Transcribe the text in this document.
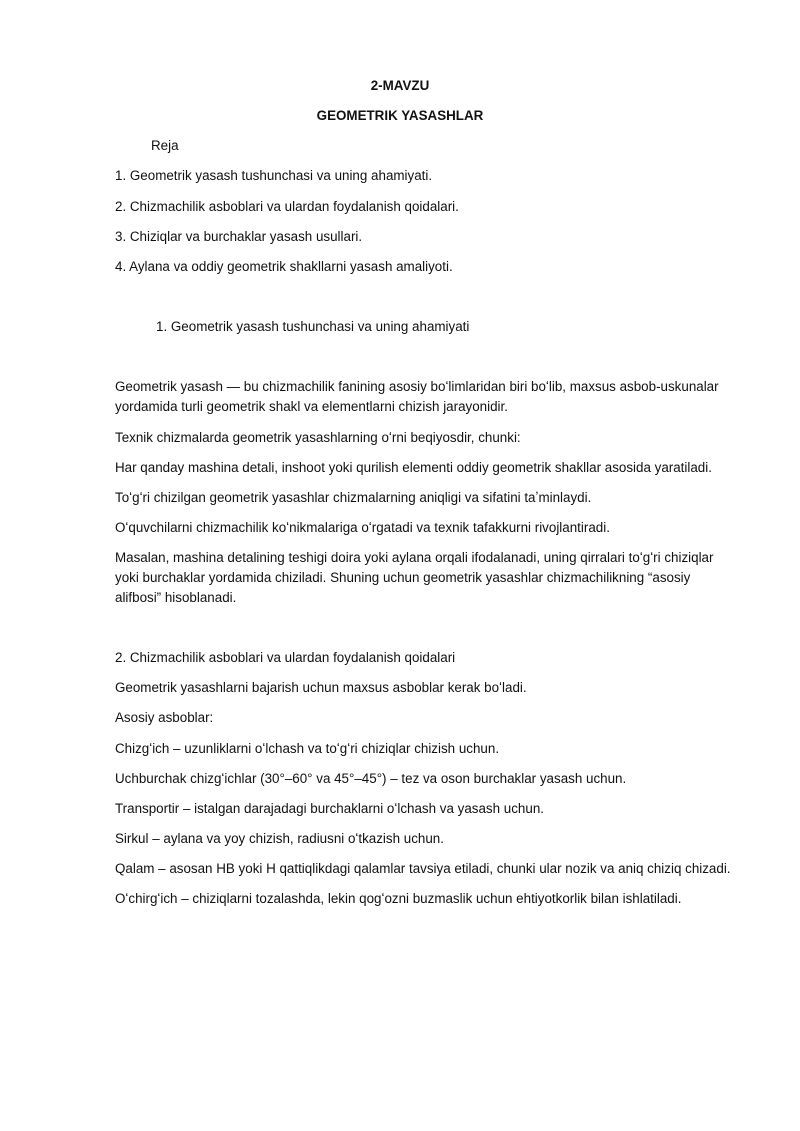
2-MAVZU

GEOMETRIK YASASHLAR

Reja

1. Geometrik yasash tushunchasi va uning ahamiyati.

2. Chizmachilik asboblari va ulardan foydalanish qoidalari.

3. Chiziqlar va burchaklar yasash usullari.

4. Aylana va oddiy geometrik shakllarni yasash amaliyoti.

1. Geometrik yasash tushunchasi va uning ahamiyati

Geometrik yasash — bu chizmachilik fanining asosiy boʻlimlaridan biri boʻlib, maxsus asbob-uskunalar yordamida turli geometrik shakl va elementlarni chizish jarayonidir.

Texnik chizmalarda geometrik yasashlarning oʻrni beqiyosdir, chunki:

Har qanday mashina detali, inshoot yoki qurilish elementi oddiy geometrik shakllar asosida yaratiladi.

Toʻgʻri chizilgan geometrik yasashlar chizmalarning aniqligi va sifatini taʼminlaydi.

Oʻquvchilarni chizmachilik koʻnikmalariga oʻrgatadi va texnik tafakkurni rivojlantiradi.

Masalan, mashina detalining teshigi doira yoki aylana orqali ifodalanadi, uning qirralari toʻgʻri chiziqlar yoki burchaklar yordamida chiziladi. Shuning uchun geometrik yasashlar chizmachilikning “asosiy alifbosi” hisoblanadi.

2. Chizmachilik asboblari va ulardan foydalanish qoidalari

Geometrik yasashlarni bajarish uchun maxsus asboblar kerak boʻladi.

Asosiy asboblar:

Chizgʻich – uzunliklarni oʻlchash va toʻgʻri chiziqlar chizish uchun.

Uchburchak chizgʻichlar (30°–60° va 45°–45°) – tez va oson burchaklar yasash uchun.

Transportir – istalgan darajadagi burchaklarni oʻlchash va yasash uchun.

Sirkul – aylana va yoy chizish, radiusni oʻtkazish uchun.

Qalam – asosan HB yoki H qattiqlikdagi qalamlar tavsiya etiladi, chunki ular nozik va aniq chiziq chizadi.

Oʻchirgʻich – chiziqlarni tozalashda, lekin qogʻozni buzmaslik uchun ehtiyotkorlik bilan ishlatiladi.
